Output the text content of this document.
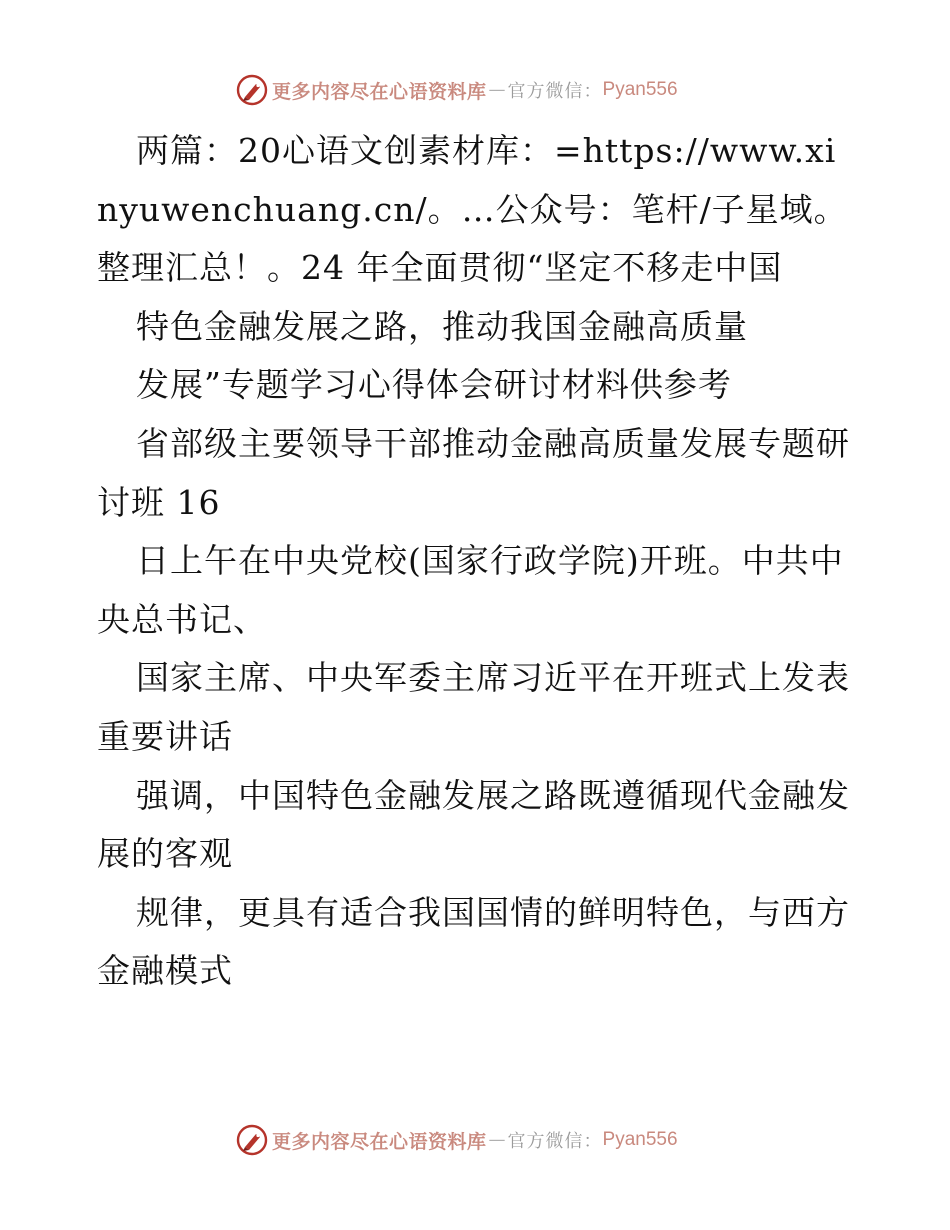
更多内容尽在心语资料库 — 官方微信： Pyan556

两篇：20心语文创素材库：=https://www.xinyuwenchuang.cn/。…公众号：笔杆/子星域。整理汇总！。24 年全面贯彻“坚定不移走中国

特色金融发展之路，推动我国金融高质量

发展”专题学习心得体会研讨材料供参考

省部级主要领导干部推动金融高质量发展专题研讨班 16

日上午在中央党校(国家行政学院)开班。中共中央总书记、

国家主席、中央军委主席习近平在开班式上发表重要讲话

强调，中国特色金融发展之路既遵循现代金融发展的客观

规律，更具有适合我国国情的鲜明特色，与西方金融模式

更多内容尽在心语资料库 — 官方微信： Pyan556
